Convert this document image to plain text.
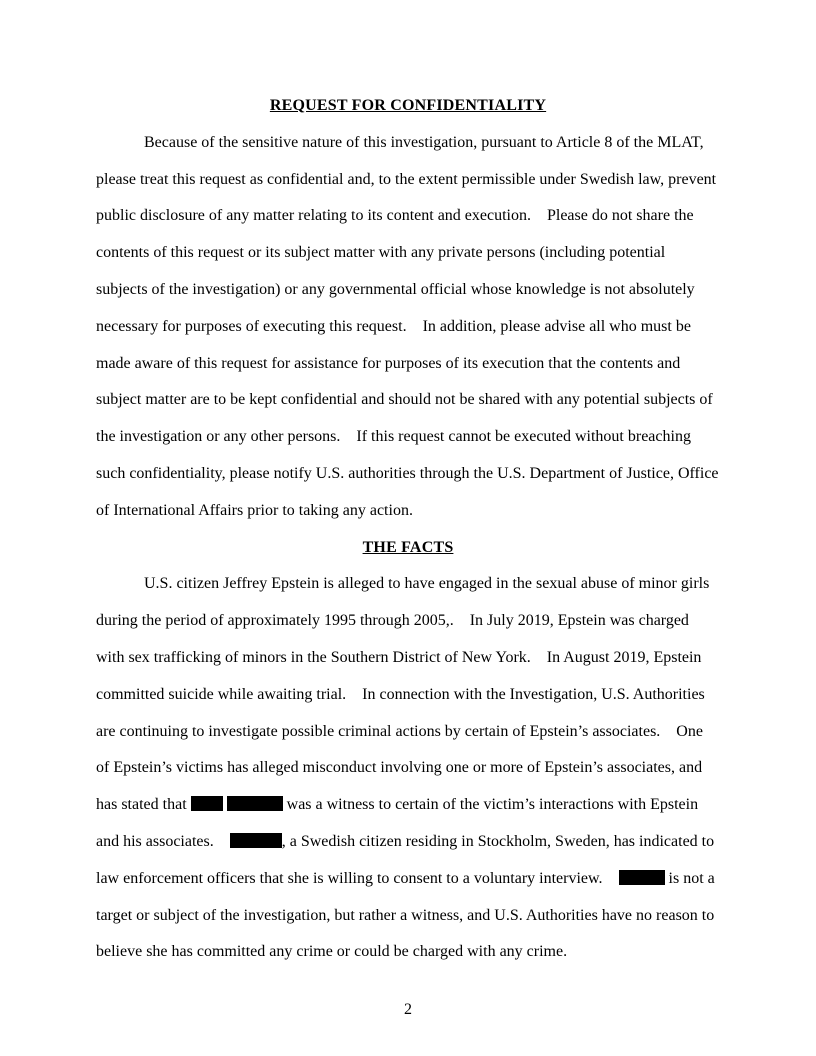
REQUEST FOR CONFIDENTIALITY

Because of the sensitive nature of this investigation, pursuant to Article 8 of the MLAT, please treat this request as confidential and, to the extent permissible under Swedish law, prevent public disclosure of any matter relating to its content and execution.    Please do not share the contents of this request or its subject matter with any private persons (including potential subjects of the investigation) or any governmental official whose knowledge is not absolutely necessary for purposes of executing this request.    In addition, please advise all who must be made aware of this request for assistance for purposes of its execution that the contents and subject matter are to be kept confidential and should not be shared with any potential subjects of the investigation or any other persons.    If this request cannot be executed without breaching such confidentiality, please notify U.S. authorities through the U.S. Department of Justice, Office of International Affairs prior to taking any action.

THE FACTS

U.S. citizen Jeffrey Epstein is alleged to have engaged in the sexual abuse of minor girls during the period of approximately 1995 through 2005,.    In July 2019, Epstein was charged with sex trafficking of minors in the Southern District of New York.    In August 2019, Epstein committed suicide while awaiting trial.    In connection with the Investigation, U.S. Authorities are continuing to investigate possible criminal actions by certain of Epstein’s associates.    One of Epstein’s victims has alleged misconduct involving one or more of Epstein’s associates, and has stated that	was a witness to certain of the victim’s interactions with Epstein and his associates.	, a Swedish citizen residing in Stockholm, Sweden, has indicated to law enforcement officers that she is willing to consent to a voluntary interview.	is not a target or subject of the investigation, but rather a witness, and U.S. Authorities have no reason to believe she has committed any crime or could be charged with any crime.

2
